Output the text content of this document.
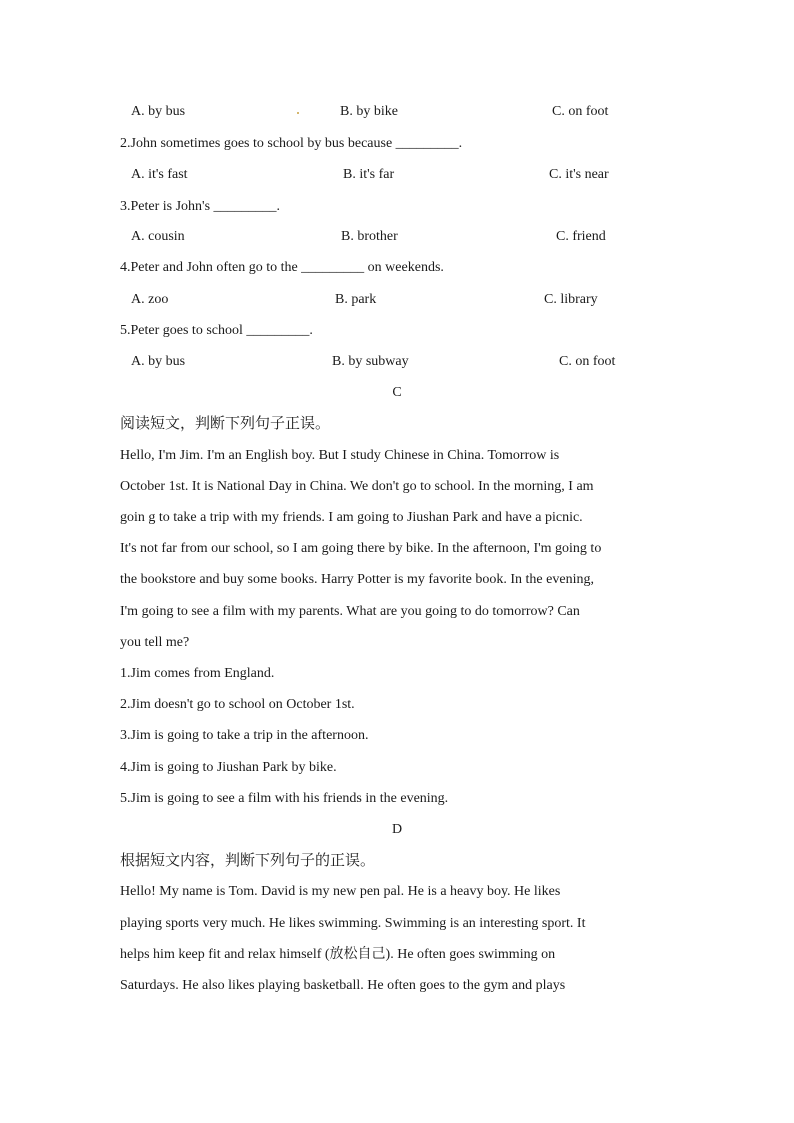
A. by bus	B. by bike	C. on foot
2.John sometimes goes to school by bus because _________.
A. it's fast	B. it's far	C. it's near
3.Peter is John's _________.
A. cousin	B. brother	C. friend
4.Peter and John often go to the _________ on weekends.
A. zoo	B. park	C. library
5.Peter goes to school _________.
A. by bus	B. by subway	C. on foot
C
阅读短文，判断下列句子正误。
Hello, I'm Jim. I'm an English boy. But I study Chinese in China. Tomorrow is
October 1st. It is National Day in China. We don't go to school. In the morning, I am
goin g to take a trip with my friends. I am going to Jiushan Park and have a picnic.
It's not far from our school, so I am going there by bike. In the afternoon, I'm going to
the bookstore and buy some books. Harry Potter is my favorite book. In the evening,
I'm going to see a film with my parents. What are you going to do tomorrow? Can
you tell me?
1.Jim comes from England.
2.Jim doesn't go to school on October 1st.
3.Jim is going to take a trip in the afternoon.
4.Jim is going to Jiushan Park by bike.
5.Jim is going to see a film with his friends in the evening.
D
根据短文内容，判断下列句子的正误。
Hello! My name is Tom. David is my new pen pal. He is a heavy boy. He likes
playing sports very much. He likes swimming. Swimming is an interesting sport. It
helps him keep fit and relax himself (放松自己). He often goes swimming on
Saturdays. He also likes playing basketball. He often goes to the gym and plays
